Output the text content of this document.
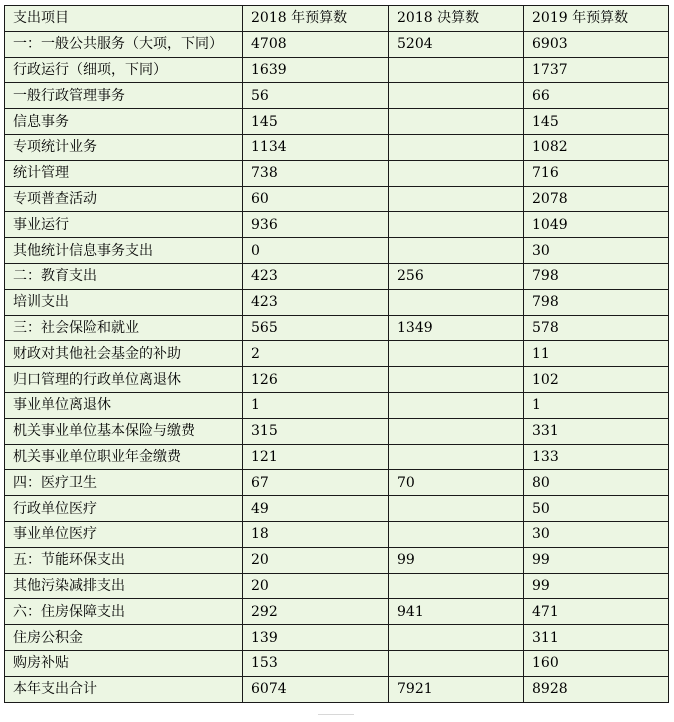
支出项目	2018 年预算数	2018 决算数	2019 年预算数
一：一般公共服务（大项，下同）	4708	5204	6903
行政运行（细项，下同）	1639		1737
一般行政管理事务	56		66
信息事务	145		145
专项统计业务	1134		1082
统计管理	738		716
专项普查活动	60		2078
事业运行	936		1049
其他统计信息事务支出	0		30
二：教育支出	423	256	798
培训支出	423		798
三：社会保险和就业	565	1349	578
财政对其他社会基金的补助	2		11
归口管理的行政单位离退休	126		102
事业单位离退休	1		1
机关事业单位基本保险与缴费	315		331
机关事业单位职业年金缴费	121		133
四：医疗卫生	67	70	80
行政单位医疗	49		50
事业单位医疗	18		30
五：节能环保支出	20	99	99
其他污染减排支出	20		99
六：住房保障支出	292	941	471
住房公积金	139		311
购房补贴	153		160
本年支出合计	6074	7921	8928
